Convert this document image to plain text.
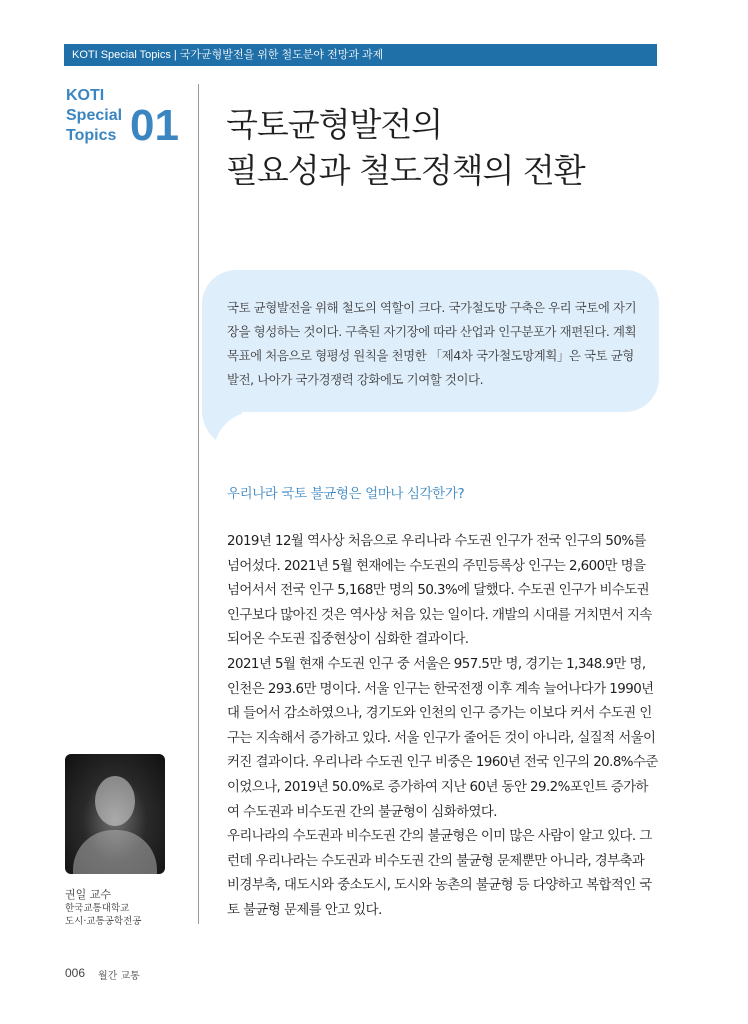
KOTI Special Topics | 국가균형발전을 위한 철도분야 전망과 과제
KOTI
Special
Topics 01 국토균형발전의
필요성과 철도정책의 전환
국토 균형발전을 위해 철도의 역할이 크다. 국가철도망 구축은 우리 국토에 자기장을 형성하는 것이다. 구축된 자기장에 따라 산업과 인구분포가 재편된다. 계획목표에 처음으로 형평성 원칙을 천명한 「제4차 국가철도망계획」은 국토 균형발전, 나아가 국가경쟁력 강화에도 기여할 것이다.
우리나라 국토 불균형은 얼마나 심각한가?

2019년 12월 역사상 처음으로 우리나라 수도권 인구가 전국 인구의 50%를 넘어섰다. 2021년 5월 현재에는 수도권의 주민등록상 인구는 2,600만 명을 넘어서서 전국 인구 5,168만 명의 50.3%에 달했다. 수도권 인구가 비수도권 인구보다 많아진 것은 역사상 처음 있는 일이다. 개발의 시대를 거치면서 지속되어온 수도권 집중현상이 심화한 결과이다.

2021년 5월 현재 수도권 인구 중 서울은 957.5만 명, 경기는 1,348.9만 명, 인천은 293.6만 명이다. 서울 인구는 한국전쟁 이후 계속 늘어나다가 1990년대 들어서 감소하였으나, 경기도와 인천의 인구 증가는 이보다 커서 수도권 인구는 지속해서 증가하고 있다. 서울 인구가 줄어든 것이 아니라, 실질적 서울이 커진 결과이다. 우리나라 수도권 인구 비중은 1960년 전국 인구의 20.8%수준이었으나, 2019년 50.0%로 증가하여 지난 60년 동안 29.2%포인트 증가하여 수도권과 비수도권 간의 불균형이 심화하였다.

우리나라의 수도권과 비수도권 간의 불균형은 이미 많은 사람이 알고 있다. 그런데 우리나라는 수도권과 비수도권 간의 불균형 문제뿐만 아니라, 경부축과 비경부축, 대도시와 중소도시, 도시와 농촌의 불균형 등 다양하고 복합적인 국토 불균형 문제를 안고 있다.

권일 교수
한국교통대학교
도시·교통공학전공
006 월간 교통
